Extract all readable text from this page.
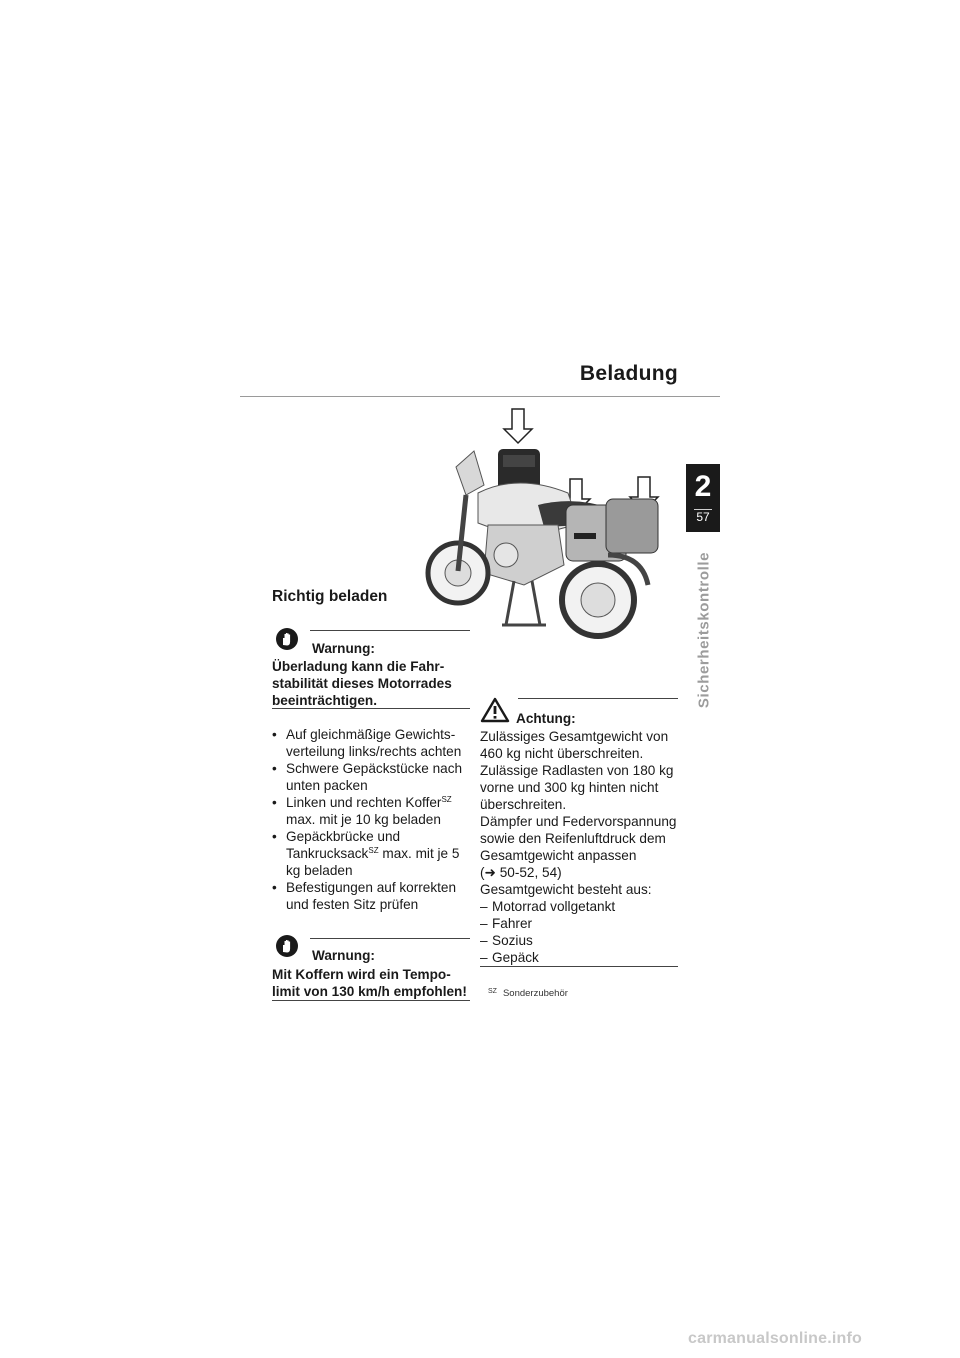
Beladung
2
57
Sicherheitskontrolle
Richtig beladen
Warnung:
Überladung kann die Fahrstabilität dieses Motorrades beeinträchtigen.
• Auf gleichmäßige Gewichtsverteilung links/rechts achten
• Schwere Gepäckstücke nach unten packen
• Linken und rechten Koffer$^{SZ}$ max. mit je 10 kg beladen
• Gepäckbrücke und Tankrucksack$^{SZ}$ max. mit je 5 kg beladen
• Befestigungen auf korrekten und festen Sitz prüfen
Warnung:
Mit Koffern wird ein Tempolimit von 130 km/h empfohlen!
Achtung:
Zulässiges Gesamtgewicht von 460 kg nicht überschreiten.
Zulässige Radlasten von 180 kg vorne und 300 kg hinten nicht überschreiten.
Dämpfer und Federvorspannung sowie den Reifenluftdruck dem Gesamtgewicht anpassen
(➜ 50-52, 54)
Gesamtgewicht besteht aus:
– Motorrad vollgetankt
– Fahrer
– Sozius
– Gepäck
$^{SZ}$ Sonderzubehör
carmanualsonline.info
